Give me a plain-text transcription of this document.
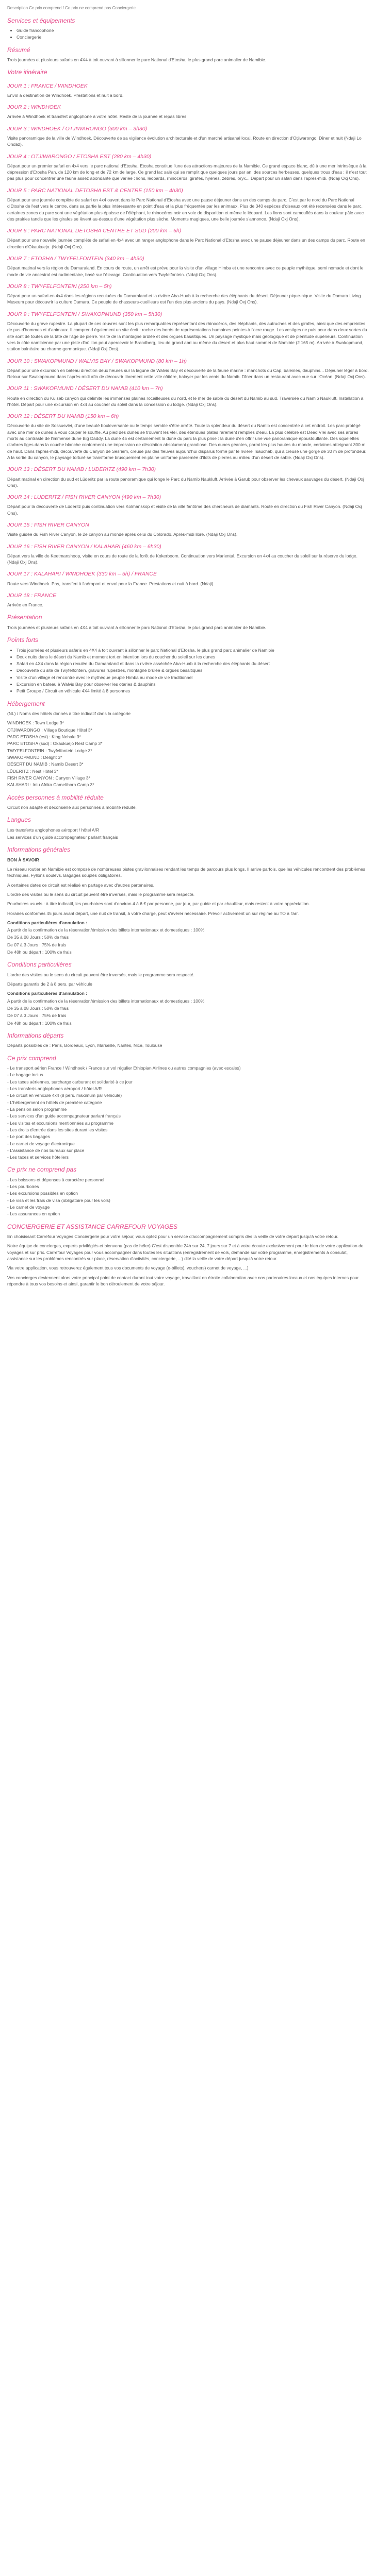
Description Ce prix comprend / Ce prix ne comprend pas Conciergerie
Services et équipements
• Guide francophone
• Conciergerie
Résumé

Trois journées et plusieurs safaris en 4X4 à toit ouvrant à sillonner le parc National d'Etosha, le plus grand parc animalier de Namibie.

Votre itinéraire
JOUR 1 : FRANCE / WINDHOEK

Envol à destination de Windhoek. Prestations et nuit à bord.

JOUR 2 : WINDHOEK

Arrivée à Windhoek et transfert anglophone à votre hôtel. Reste de la journée et repas libres.

JOUR 3 : WINDHOEK / OTJIWARONGO (300 km – 3h30)

Visite panoramique de la ville de Windhoek. Découverte de sa vigilance évolution architecturale et d'un marché artisanal local. Route en direction d'Otjiwarongo. Dîner et nuit (Ndaji Lo Ondaz).

JOUR 4 : OTJIWARONGO / ETOSHA EST (280 km – 4h30)

Départ pour un premier safari en 4x4 vers le parc national d'Etosha. Etosha constitue l'une des attractions majeures de la Namibie. Ce grand espace blanc, dû à une mer intrinsèque à la dépression d'Etosha Pan, de 120 km de long et de 72 km de large. Ce grand lac salé qui se remplit que quelques jours par an, des sources herbeuses, quelques trous d'eau : il n'est tout pas plus pour concentrer une faune assez abondante que variée : lions, léopards, rhinocéros, girafes, hyènes, zèbres, oryx... Départ pour un safari dans l'après-midi. (Ndaji Oxj Ons).

JOUR 5 : PARC NATIONAL DETOSHA EST & CENTRE (150 km – 4h30)

Départ pour une journée complète de safari en 4x4 ouvert dans le Parc National d'Etosha avec une pause déjeuner dans un des camps du parc. C'est par le nord du Parc National d'Etosha de l'est vers le centre, dans sa partie la plus intéressante en point d'eau et la plus fréquentée par les animaux. Plus de 340 espèces d'oiseaux ont été recensées dans le parc, certaines zones du parc sont une végétation plus épaisse de l'éléphant, le rhinocéros noir en voie de disparition et même le léopard. Les lions sont camouflés dans la couleur pâle avec des prairies tandis que les girafes se lèvent au-dessus d'une végétation plus sèche. Moments magiques, une belle journée s'annonce. (Ndaji Oxj Ons).

JOUR 6 : PARC NATIONAL DETOSHA CENTRE ET SUD (200 km – 6h)

Départ pour une nouvelle journée complète de safari en 4x4 avec un ranger anglophone dans le Parc National d'Etosha avec une pause déjeuner dans un des camps du parc. Route en direction d'Okaukuejo. (Ndaji Oxj Ons).

JOUR 7 : ETOSHA / TWYFELFONTEIN (340 km – 4h30)

Départ matinal vers la région du Damaraland. En cours de route, un arrêt est prévu pour la visite d'un village Himba et une rencontre avec ce peuple mythéque, semi nomade et dont le mode de vie ancestral est rudimentaire, basé sur l'élevage. Continuation vers Twyfelfontein. (Ndaji Oxj Ons).

JOUR 8 : TWYFELFONTEIN (250 km – 5h)

Départ pour un safari en 4x4 dans les régions reculuées du Damaraland et la rivière Aba-Huab à la recherche des éléphants du désert. Déjeuner pique-nique. Visite du Damara Living Museum pour découvrir la culture Damara. Ce peuple de chasseurs-cueilleurs est l'un des plus anciens du pays. (Ndaji Oxj Ons).

JOUR 9 : TWYFELFONTEIN / SWAKOPMUND (350 km – 5h30)

Découverte du grave rupestre. La plupart de ces œuvres sont les plus remarquables représentant des rhinocéros, des éléphants, des autruches et des girafes, ainsi que des empreintes de pas d'hommes et d'animaux. Il comprend également un site écrit : roche des bords de représentations humaines peintes à l'ocre rouge. Les vestiges ne puis pour dans deux sortes du site sont dé toutes de la tâte de l'âge de pierre. Visite de la montagne brûlée et des orgues basaltiques. Un paysage mystique mais géologique et de plénitude supérieurs. Continuation vers la côte namibienne par une piste d'où l'on peut apercevoir le Brandberg, lieu de grand abri au même du désert et plus haut sommet de Namibie (2 165 m). Arrivée à Swakopmund, station balnéaire au charme germanique. (Ndaji Oxj Ons).

JOUR 10 : SWAKOPMUND / WALVIS BAY / SWAKOPMUND (80 km – 1h)

Départ pour une excursion en bateau direction deux heures sur la lagune de Walvis Bay et découverte de la faune marine : manchots du Cap, baleines, dauphins... Déjeuner léger à bord. Retour sur Swakopmund dans l'après-midi afin de découvrir librement cette ville côtière, balayer par les vents du Namib. Dîner dans un restaurant avec vue sur l'Océan. (Ndaji Oxj Ons).

JOUR 11 : SWAKOPMUND / DÉSERT DU NAMIB (410 km – 7h)

Route en direction du Kuiseb canyon qui délimite les immenses plaines rocailleuses du nord, et le mer de sable du désert du Namib au sud. Traversée du Namib Naukluft. Installation à l'hôtel. Départ pour une excursion en 4x4 au coucher du soleil dans la concession du lodge. (Ndaji Oxj Ons).

JOUR 12 : DÉSERT DU NAMIB (150 km – 6h)

Découverte du site de Sossusvlei, d'une beauté bouleversante ou le temps semble s'être arrêté. Toute la splendeur du désert du Namib est concentrée à cet endroit. Les parc protégé avec une mer de dunes à vous couper le souffle. Au pied des dunes se trouvent les vlei, des étendues plates rarement remplies d'eau. La plus célèbre est Dead Vlei avec ses arbres morts au contraste de l'immense dune Big Daddy. La dune 45 est certainement la dune du parc la plus prise : la dune d'en offrir une vue panoramique époustouflante. Des squelettes d'arbres figes dans la couche blanche conforment une impression de désolation absolument grandiose. Des dunes géantes, parmi les plus hautes du monde, certaines atteignant 300 m de haut. Dans l'après-midi, découverte du Canyon de Sesriem, creusé par des fleuves aujourd'hui disparus formé par le rivière Tsauchab, qui a creusé une gorge de 30 m de profondeur. A la sortie du canyon, le paysage torturé se transforme brusquement en plaine uniforme parsemée d'îlots de pierres au milieu d'un désert de sable. (Ndaji Oxj Ons).

JOUR 13 : DÉSERT DU NAMIB / LUDERITZ (490 km – 7h30)

Départ matinal en direction du sud et Lüderitz par la route panoramique qui longe le Parc du Namib Naukluft. Arrivée à Garub pour observer les chevaux sauvages du désert. (Ndaji Oxj Ons).

JOUR 14 : LUDERITZ / FISH RIVER CANYON (490 km – 7h30)

Départ pour la découverte de Lüderitz puis continuation vers Kolmanskop et visite de la ville fantôme des chercheurs de diamants. Route en direction du Fish River Canyon. (Ndaji Oxj Ons).

JOUR 15 : FISH RIVER CANYON

Visite guidée du Fish River Canyon, le 2e canyon au monde après celui du Colorado. Après-midi libre. (Ndaji Oxj Ons).

JOUR 16 : FISH RIVER CANYON / KALAHARI (460 km – 6h30)

Départ vers la ville de Keetmanshoop, visite en cours de route de la forêt de Kokerboom. Continuation vers Mariental. Excursion en 4x4 au coucher du soleil sur la réserve du lodge. (Ndaji Oxj Ons).

JOUR 17 : KALAHARI / WINDHOEK (330 km – 5h) / FRANCE

Route vers Windhoek. Pas, transfert à l'aéroport et envol pour la France. Prestations et nuit à bord. (Ndaji).

JOUR 18 : FRANCE

Arrivée en France.

Présentation

Trois journées et plusieurs safaris en 4X4 à toit ouvrant à sillonner le parc National d'Etosha, le plus grand parc animalier de Namibie.

Points forts
• Trois journées et plusieurs safaris en 4X4 à toit ouvrant à sillonner le parc National d'Etosha, le plus grand parc animalier de Namibie
• Deux nuits dans le désert du Namib et moment tort en intention lors du coucher du soleil sur les dunes
• Safari en 4X4 dans la région reculée du Damaraland et dans la rivière asséchée Aba-Huab à la recherche des éléphants du désert
• Découverte du site de Twyfelfontein, gravures rupestres, montagne brûlée & orgues basaltiques
• Visite d'un village et rencontre avec le mythéque peuple Himba au mode de vie traditionnel
• Excursion en bateau à Walvis Bay pour observer les otaries & dauphins
• Petit Groupe / Circuit en véhicule 4X4 limité à 8 personnes
Hébergement

(NL) / Noms des hôtels donnés à titre indicatif dans la catégorie

WINDHOEK : Town Lodge 3*
OTJIWARONGO : Village Boutique Hôtel 3*
PARC ETOSHA (est) : King Nehale 3*
PARC ETOSHA (sud) : Okaukuejo Rest Camp 3*
TWYFELFONTEIN : Twyfelfontein Lodge 3*
SWAKOPMUND : Delight 3*
DÉSERT DU NAMIB : Namib Desert 3*
LÜDERITZ : Nest Hôtel 3*
FISH RIVER CANYON : Canyon Village 3*
KALAHARI : Intu Afrika Camelthorn Camp 3*
Accès personnes à mobilité réduite

Circuit non adapté et déconseillé aux personnes à mobilité réduite.

Langues
Les transferts anglophones aéroport / hôtel A/R
Les services d'un guide accompagnateur parlant français
Informations générales

BON À SAVOIR

Le réseau routier en Namibie est composé de nombreuses pistes gravilonnaises rendant les temps de parcours plus longs. Il arrive parfois, que les véhicules rencontrent des problèmes techniques. Fyllons soulevs. Bagages souplés obligatoires.

A certaines dates ce circuit est réalisé en partage avec d'autres partenaires.

L'ordre des visites ou le sens du circuit peuvent être inversés, mais le programme sera respecté.

Pourboires usuels : à titre indicatif, les pourboires sont d'environ 4 à 6 € par personne, par jour, par guide et par chauffeur, mais restent à votre appréciation.

Horaires conformés 45 jours avant départ, une nuit de transit, à votre charge, peut s'avérer nécessaire. Prévoir activement un sur régime au TO à l'arr.

Conditions particulières d'annulation :
A partir de la confirmation de la réservation/émission des billets internationaux et domestiques : 100%
De 35 à 08 Jours : 50% de frais
De 07 à 3 Jours : 75% de frais
De 48h ou départ : 100% de frais
Conditions particulières

L'ordre des visites ou le sens du circuit peuvent être inversés, mais le programme sera respecté.

Départs garantis de 2 à 8 pers. par véhicule

Conditions particulières d'annulation :
A partir de la confirmation de la réservation/émission des billets internationaux et domestiques : 100%
De 35 à 08 Jours : 50% de frais
De 07 à 3 Jours : 75% de frais
De 48h ou départ : 100% de frais
Informations départs

Départs possibles de : Paris, Bordeaux, Lyon, Marseille, Nantes, Nice, Toulouse

Ce prix comprend
- Le transport aérien France / Windhoek / France sur vol régulier Ethiopian Airlines ou autres compagnies (avec escales)
- Le bagage inclus
- Les taxes aériennes, surcharge carburant et solidarité à ce jour
- Les transferts anglophones aéroport / hôtel A/R
- Le circuit en véhicule 4x4 (8 pers. maximum par véhicule)
- L'hébergement en hôtels de première catégorie
- La pension selon programme
- Les services d'un guide accompagnateur parlant français
- Les visites et excursions mentionnées au programme
- Les droits d'entrée dans les sites durant les visites
- Le port des bagages
- Le carnet de voyage électronique
- L'assistance de nos bureaux sur place
- Les taxes et services hôteliers
Ce prix ne comprend pas
- Les boissons et dépenses à caractère personnel
- Les pourboires
- Les excursions possibles en option
- Le visa et les frais de visa (obligatoire pour les vols)
- Le carnet de voyage
- Les assurances en option
CONCIERGERIE ET ASSISTANCE CARREFOUR VOYAGES

En choisissant Carrefour Voyages Conciergerie pour votre séjour, vous optez pour un service d'accompagnement compris dès la veille de votre départ jusqu'à votre retour.

Notre équipe de concierges, experts privilégiés et bienvenu (pas de héler) C'est disponible 24h sur 24, 7 jours sur 7 et à votre écoute exclusivement pour le bien de votre application de voyages et sur prix. Carrefour Voyages pour vous accompagner dans toutes les situations (enregistrement de vols, demande sur votre programme, enregistrements à consulat, assistance sur les problèmes rencontrés sur place, réservation d'activités, conciergerie, ...) dité la veille de votre départ jusqu'à votre retour.

Via votre application, vous retrouverez également tous vos documents de voyage (e-billets), vouchers) carnet de voyage, ...)

Vos concierges deviennent alors votre principal point de contact durant tout votre voyage, travaillant en étroite collaboration avec nos partenaires locaux et nos équipes internes pour répondre à tous vos besoins et ainsi, garantir le bon déroulement de votre séjour.
